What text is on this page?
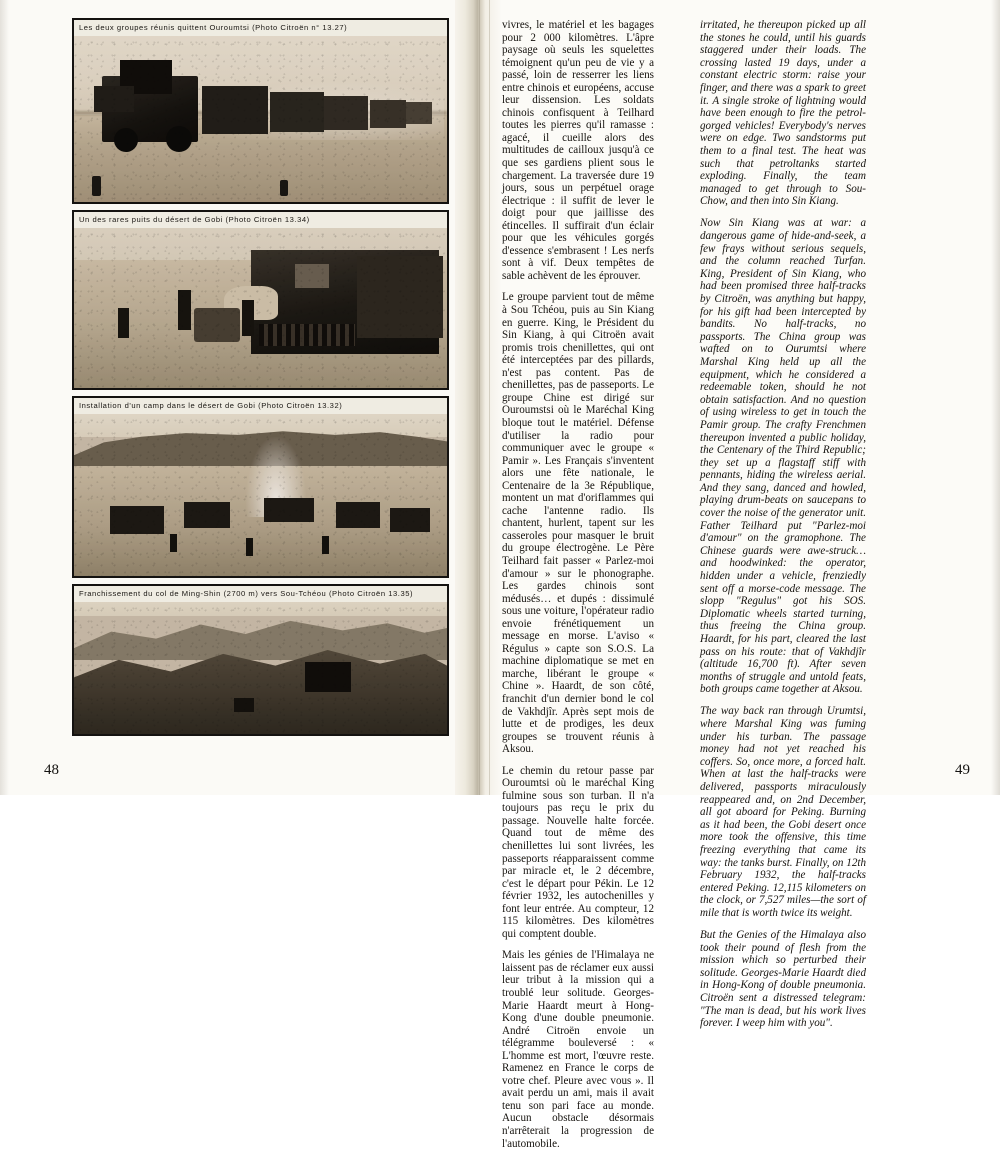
Les deux groupes réunis quittent Ouroumtsi (Photo Citroën n° 13.27)
Un des rares puits du désert de Gobi (Photo Citroën 13.34)
Installation d'un camp dans le désert de Gobi (Photo Citroën 13.32)
Franchissement du col de Ming-Shin (2700 m) vers Sou-Tchéou (Photo Citroën 13.35)

vivres, le matériel et les bagages pour 2 000 kilomètres. L'âpre paysage où seuls les squelettes témoignent qu'un peu de vie y a passé, loin de resserrer les liens entre chinois et européens, accuse leur dissension. Les soldats chinois confisquent à Teilhard toutes les pierres qu'il ramasse : agacé, il cueille alors des multitudes de cailloux jusqu'à ce que ses gardiens plient sous le chargement. La traversée dure 19 jours, sous un perpétuel orage électrique : il suffit de lever le doigt pour que jaillisse des étincelles. Il suffirait d'un éclair pour que les véhicules gorgés d'essence s'embrasent ! Les nerfs sont à vif. Deux tempêtes de sable achèvent de les éprouver.

Le groupe parvient tout de même à Sou Tchéou, puis au Sin Kiang en guerre. King, le Président du Sin Kiang, à qui Citroën avait promis trois chenillettes, qui ont été interceptées par des pillards, n'est pas content. Pas de chenillettes, pas de passeports. Le groupe Chine est dirigé sur Ouroumstsi où le Maréchal King bloque tout le matériel. Défense d'utiliser la radio pour communiquer avec le groupe « Pamir ». Les Français s'inventent alors une fête nationale, le Centenaire de la 3e République, montent un mat d'oriflammes qui cache l'antenne radio. Ils chantent, hurlent, tapent sur les casseroles pour masquer le bruit du groupe électrogène. Le Père Teilhard fait passer « Parlez-moi d'amour » sur le phonographe. Les gardes chinois sont médusés… et dupés : dissimulé sous une voiture, l'opérateur radio envoie frénétiquement un message en morse. L'aviso « Régulus » capte son S.O.S. La machine diplomatique se met en marche, libérant le groupe « Chine ». Haardt, de son côté, franchit d'un dernier bond le col de Vakhdjîr. Après sept mois de lutte et de prodiges, les deux groupes se trouvent réunis à Aksou.

Le chemin du retour passe par Ouroumtsi où le maréchal King fulmine sous son turban. Il n'a toujours pas reçu le prix du passage. Nouvelle halte forcée. Quand tout de même des chenillettes lui sont livrées, les passeports réapparaissent comme par miracle et, le 2 décembre, c'est le départ pour Pékin. Le 12 février 1932, les autochenilles y font leur entrée. Au compteur, 12 115 kilomètres. Des kilomètres qui comptent double.

Mais les génies de l'Himalaya ne laissent pas de réclamer eux aussi leur tribut à la mission qui a troublé leur solitude. Georges-Marie Haardt meurt à Hong-Kong d'une double pneumonie. André Citroën envoie un télégramme bouleversé : « L'homme est mort, l'œuvre reste. Ramenez en France le corps de votre chef. Pleure avec vous ». Il avait perdu un ami, mais il avait tenu son pari face au monde. Aucun obstacle désormais n'arrêterait la progression de l'automobile.

irritated, he thereupon picked up all the stones he could, until his guards staggered under their loads. The crossing lasted 19 days, under a constant electric storm: raise your finger, and there was a spark to greet it. A single stroke of lightning would have been enough to fire the petrol-gorged vehicles! Everybody's nerves were on edge. Two sandstorms put them to a final test. The heat was such that petroltanks started exploding. Finally, the team managed to get through to Sou-Chow, and then into Sin Kiang.

Now Sin Kiang was at war: a dangerous game of hide-and-seek, a few frays without serious sequels, and the column reached Turfan. King, President of Sin Kiang, who had been promised three half-tracks by Citroën, was anything but happy, for his gift had been intercepted by bandits. No half-tracks, no passports. The China group was wafted on to Ourumtsi where Marshal King held up all the equipment, which he considered a redeemable token, should he not obtain satisfaction. And no question of using wireless to get in touch the Pamir group. The crafty Frenchmen thereupon invented a public holiday, the Centenary of the Third Republic; they set up a flagstaff stiff with pennants, hiding the wireless aerial. And they sang, danced and howled, playing drum-beats on saucepans to cover the noise of the generator unit. Father Teilhard put "Parlez-moi d'amour" on the gramophone. The Chinese guards were awe-struck… and hoodwinked: the operator, hidden under a vehicle, frenziedly sent off a morse-code message. The slopp "Regulus" got his SOS. Diplomatic wheels started turning, thus freeing the China group. Haardt, for his part, cleared the last pass on his route: that of Vakhdjîr (altitude 16,700 ft). After seven months of struggle and untold feats, both groups came together at Aksou.

The way back ran through Urumtsi, where Marshal King was fuming under his turban. The passage money had not yet reached his coffers. So, once more, a forced halt. When at last the half-tracks were delivered, passports miraculously reappeared and, on 2nd December, all got aboard for Peking. Burning as it had been, the Gobi desert once more took the offensive, this time freezing everything that came its way: the tanks burst. Finally, on 12th February 1932, the half-tracks entered Peking. 12,115 kilometers on the clock, or 7,527 miles—the sort of mile that is worth twice its weight.

But the Genies of the Himalaya also took their pound of flesh from the mission which so perturbed their solitude. Georges-Marie Haardt died in Hong-Kong of double pneumonia. Citroën sent a distressed telegram: "The man is dead, but his work lives forever. I weep him with you".

48	49
